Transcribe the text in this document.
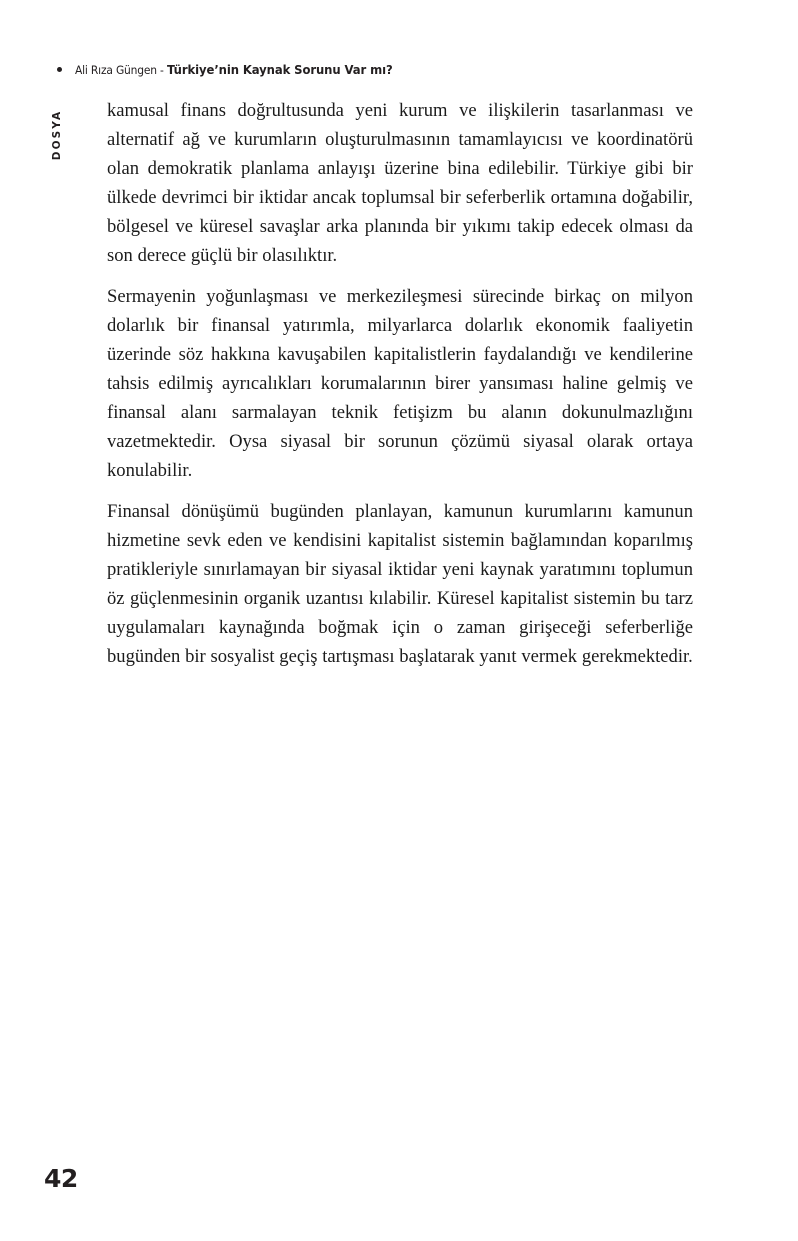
Ali Rıza Güngen - Türkiye’nin Kaynak Sorunu Var mı?
DOSYA kamusal finans doğrultusunda yeni kurum ve ilişkilerin tasarlanması ve alternatif ağ ve kurumların oluşturulmasının tamamlayıcısı ve koordinatörü olan demokratik planlama anlayışı üzerine bina edilebilir. Türkiye gibi bir ülkede devrimci bir iktidar ancak toplumsal bir seferberlik ortamına doğabilir, bölgesel ve küresel savaşlar arka planında bir yıkımı takip edecek olması da son derece güçlü bir olasılıktır.

Sermayenin yoğunlaşması ve merkezileşmesi sürecinde birkaç on milyon dolarlık bir finansal yatırımla, milyarlarca dolarlık ekonomik faaliyetin üzerinde söz hakkına kavuşabilen kapitalistlerin faydalandığı ve kendilerine tahsis edilmiş ayrıcalıkları korumalarının birer yansıması haline gelmiş ve finansal alanı sarmalayan teknik fetişizm bu alanın dokunulmazlığını vazetmektedir. Oysa siyasal bir sorunun çözümü siyasal olarak ortaya konulabilir.

Finansal dönüşümü bugünden planlayan, kamunun kurumlarını kamunun hizmetine sevk eden ve kendisini kapitalist sistemin bağlamından koparılmış pratikleriyle sınırlamayan bir siyasal iktidar yeni kaynak yaratımını toplumun öz güçlenmesinin organik uzantısı kılabilir. Küresel kapitalist sistemin bu tarz uygulamaları kaynağında boğmak için o zaman girişeceği seferberliğe bugünden bir sosyalist geçiş tartışması başlatarak yanıt vermek gerekmektedir.

42
